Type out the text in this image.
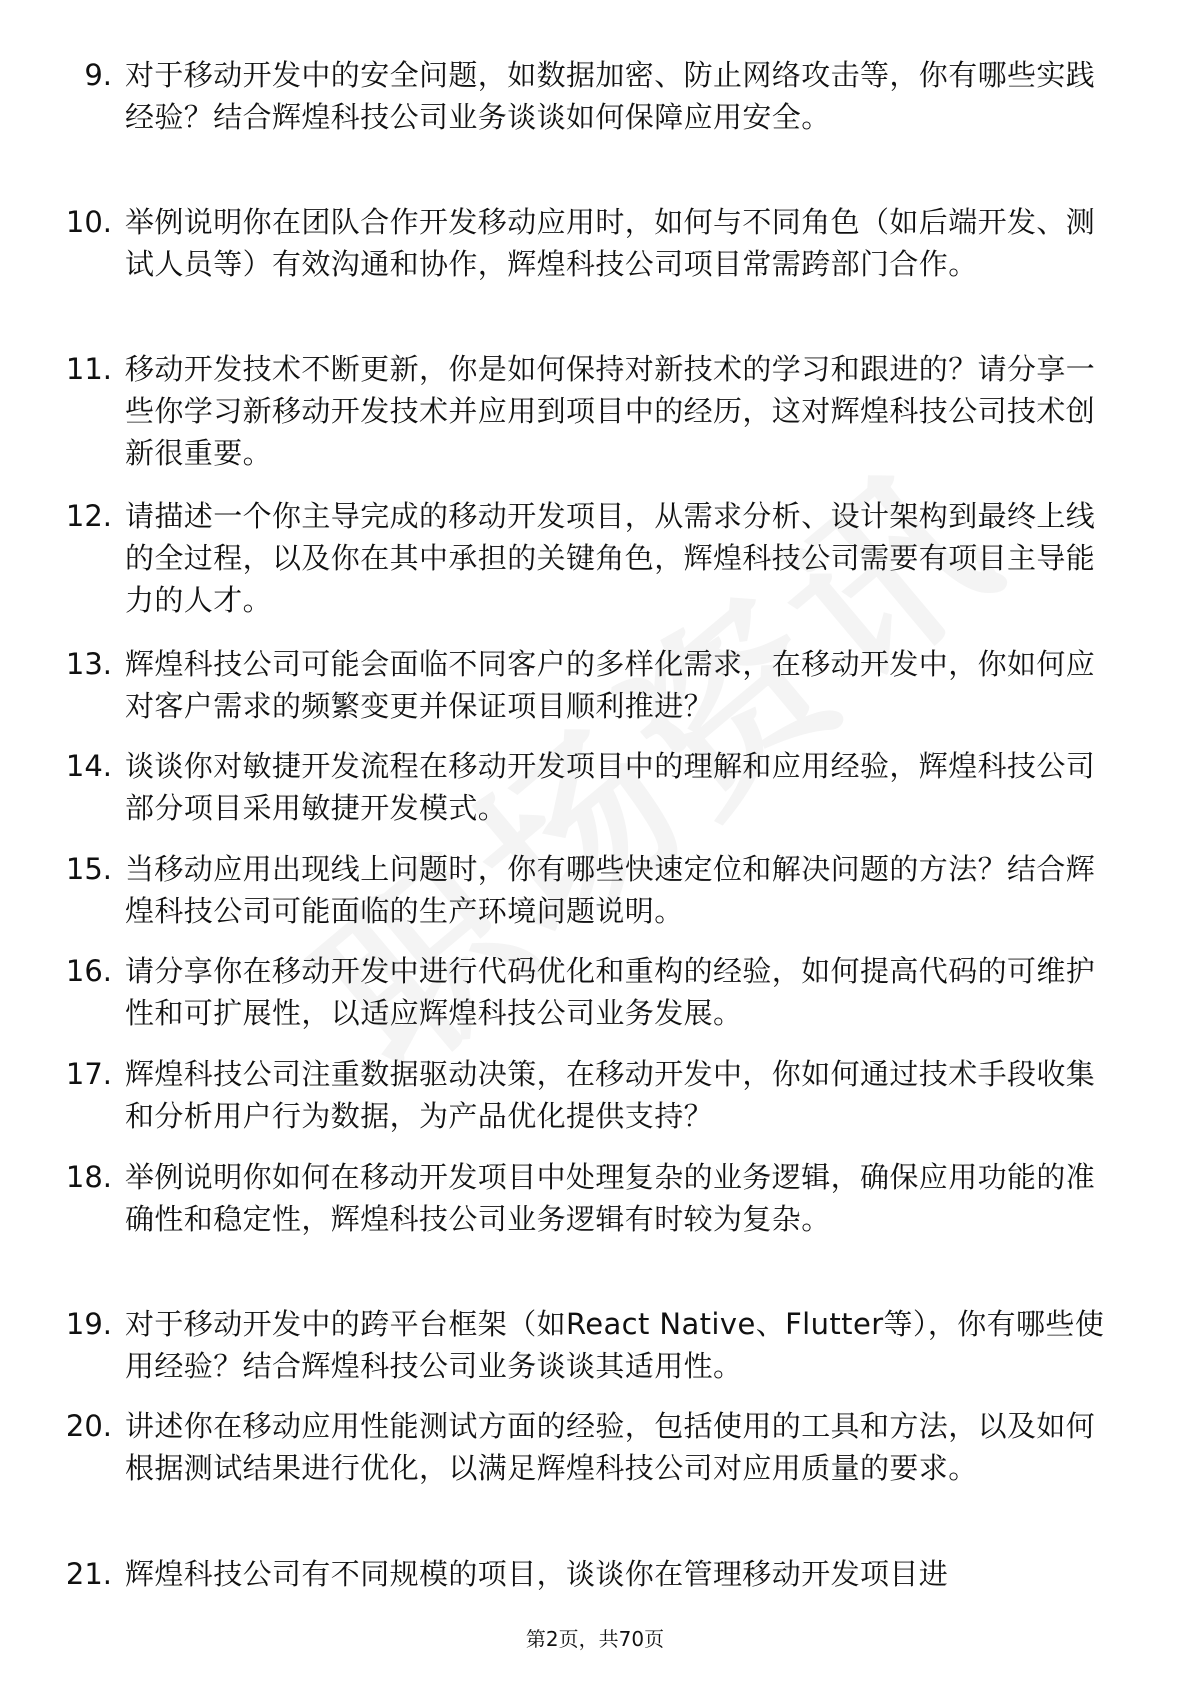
9. 对于移动开发中的安全问题，如数据加密、防止网络攻击等，你有哪些实践经验？结合辉煌科技公司业务谈谈如何保障应用安全。
10. 举例说明你在团队合作开发移动应用时，如何与不同角色（如后端开发、测试人员等）有效沟通和协作，辉煌科技公司项目常需跨部门合作。
11. 移动开发技术不断更新，你是如何保持对新技术的学习和跟进的？请分享一些你学习新移动开发技术并应用到项目中的经历，这对辉煌科技公司技术创新很重要。
12. 请描述一个你主导完成的移动开发项目，从需求分析、设计架构到最终上线的全过程，以及你在其中承担的关键角色，辉煌科技公司需要有项目主导能力的人才。
13. 辉煌科技公司可能会面临不同客户的多样化需求，在移动开发中，你如何应对客户需求的频繁变更并保证项目顺利推进？
14. 谈谈你对敏捷开发流程在移动开发项目中的理解和应用经验，辉煌科技公司部分项目采用敏捷开发模式。
15. 当移动应用出现线上问题时，你有哪些快速定位和解决问题的方法？结合辉煌科技公司可能面临的生产环境问题说明。
16. 请分享你在移动开发中进行代码优化和重构的经验，如何提高代码的可维护性和可扩展性，以适应辉煌科技公司业务发展。
17. 辉煌科技公司注重数据驱动决策，在移动开发中，你如何通过技术手段收集和分析用户行为数据，为产品优化提供支持？
18. 举例说明你如何在移动开发项目中处理复杂的业务逻辑，确保应用功能的准确性和稳定性，辉煌科技公司业务逻辑有时较为复杂。
19. 对于移动开发中的跨平台框架（如React Native、Flutter等），你有哪些使用经验？结合辉煌科技公司业务谈谈其适用性。
20. 讲述你在移动应用性能测试方面的经验，包括使用的工具和方法，以及如何根据测试结果进行优化，以满足辉煌科技公司对应用质量的要求。
21. 辉煌科技公司有不同规模的项目，谈谈你在管理移动开发项目进
第2页，共70页
